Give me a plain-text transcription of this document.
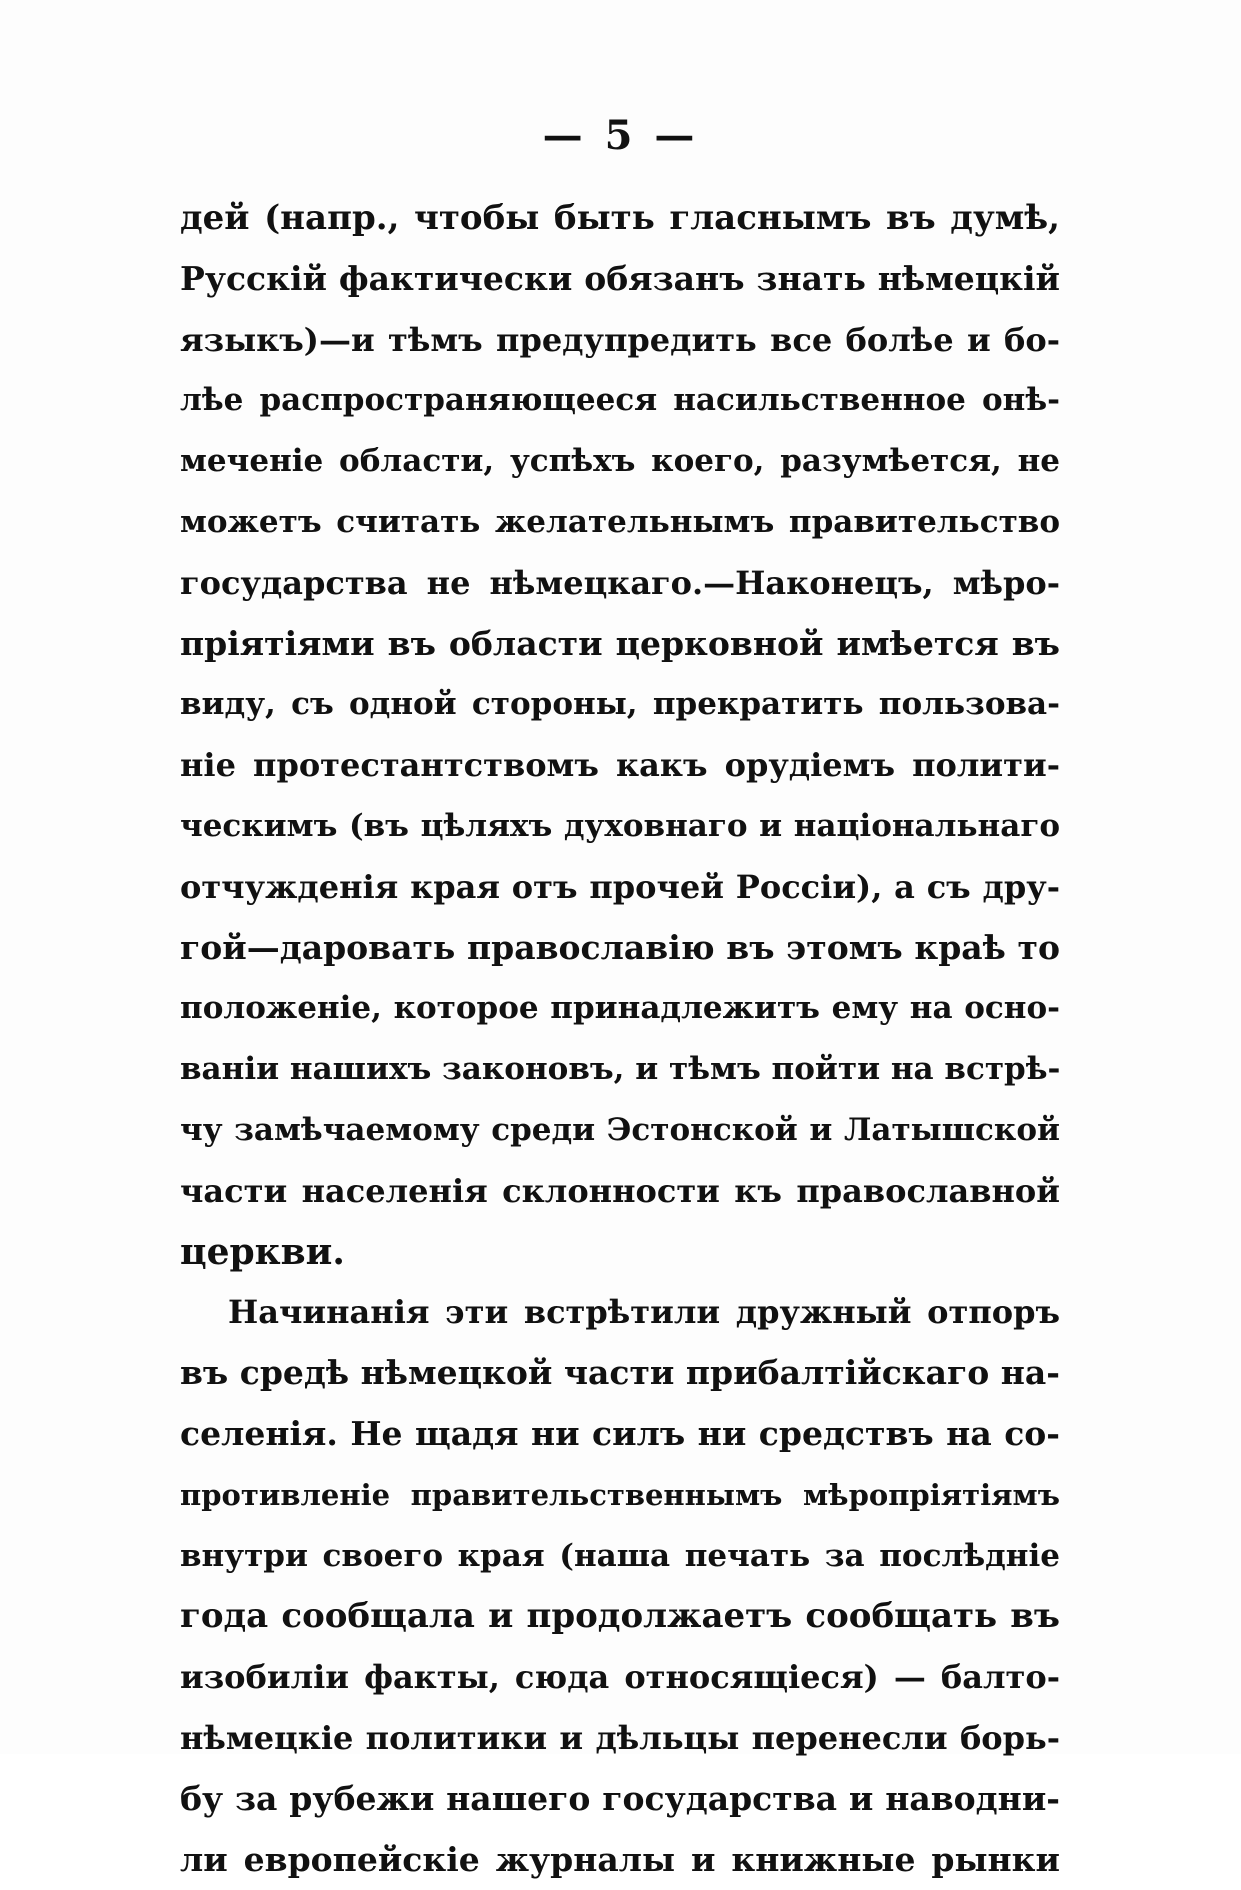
— 5 —
дей (напр., чтобы быть гласнымъ въ думѣ,
Русскій фактически обязанъ знать нѣмецкій
языкъ)—и тѣмъ предупредить все болѣе и бо-
лѣе распространяющееся насильственное онѣ-
меченіе области, успѣхъ коего, разумѣется, не
можетъ считать желательнымъ правительство
государства не нѣмецкаго.—Наконецъ, мѣро-
пріятіями въ области церковной имѣется въ
виду, съ одной стороны, прекратить пользова-
ніе протестантствомъ какъ орудіемъ полити-
ческимъ (въ цѣляхъ духовнаго и національнаго
отчужденія края отъ прочей Россіи), а съ дру-
гой—даровать православію въ этомъ краѣ то
положеніе, которое принадлежитъ ему на осно-
ваніи нашихъ законовъ, и тѣмъ пойти на встрѣ-
чу замѣчаемому среди Эстонской и Латышской
части населенія склонности къ православной
церкви.
Начинанія эти встрѣтили дружный отпоръ
въ средѣ нѣмецкой части прибалтійскаго на-
селенія. Не щадя ни силъ ни средствъ на со-
противленіе правительственнымъ мѣропріятіямъ
внутри своего края (наша печать за послѣдніе
года сообщала и продолжаетъ сообщать въ
изобиліи факты, сюда относящіеся) — балто-
нѣмецкіе политики и дѣльцы перенесли борь-
бу за рубежи нашего государства и наводни-
ли европейскіе журналы и книжные рынки
